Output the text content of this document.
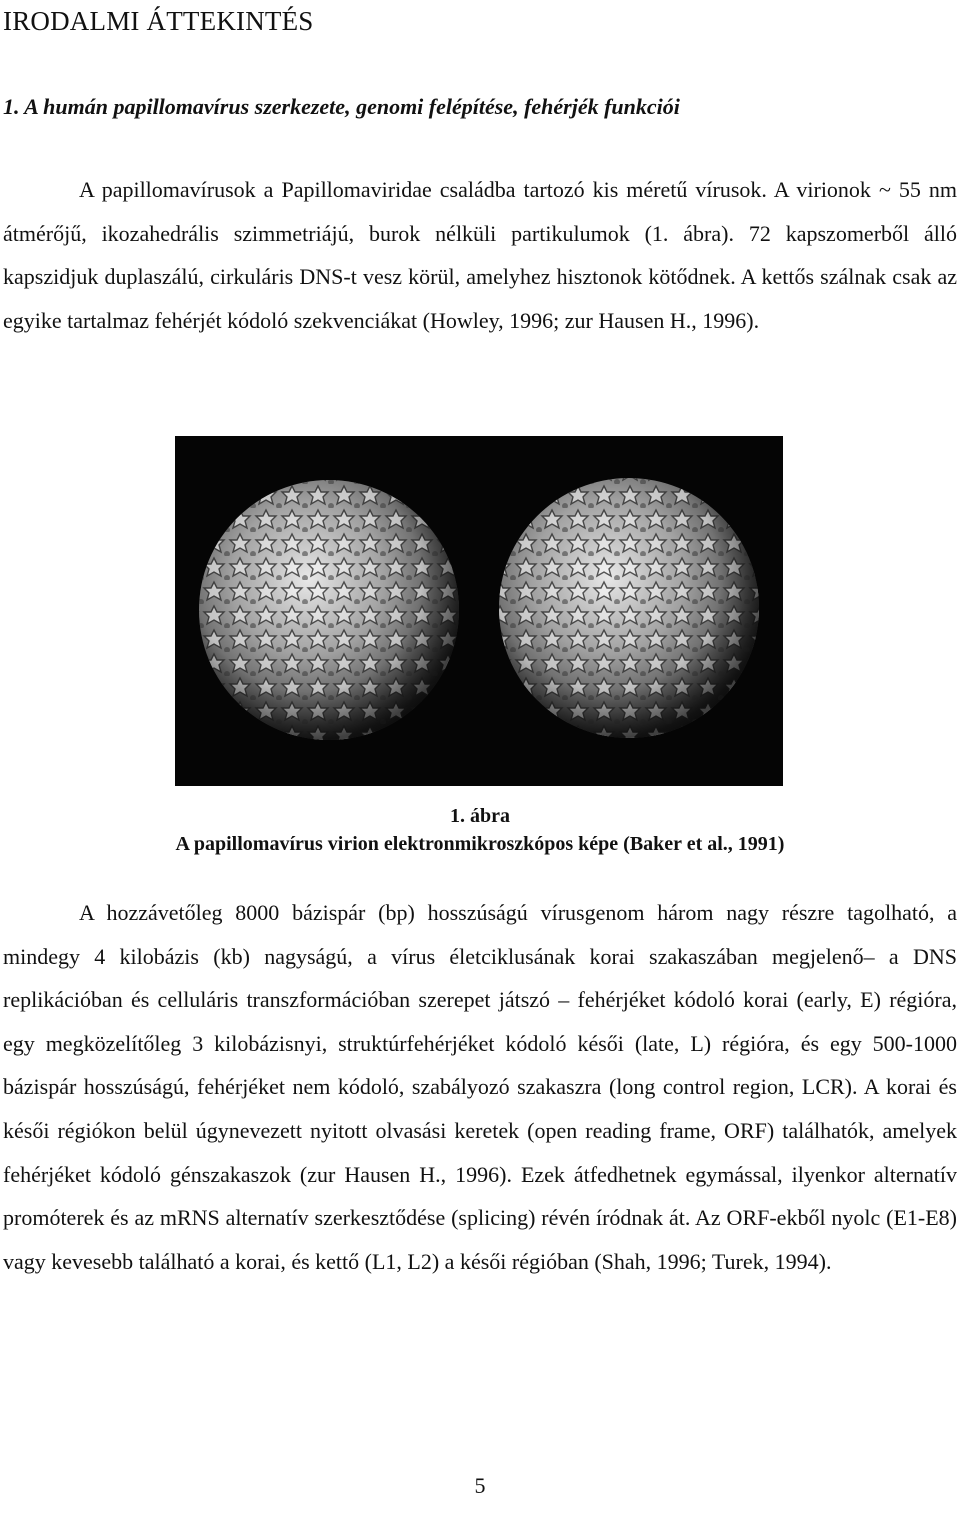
IRODALMI ÁTTEKINTÉS
1. A humán papillomavírus szerkezete, genomi felépítése, fehérjék funkciói

A papillomavírusok a Papillomaviridae családba tartozó kis méretű vírusok. A virionok ~ 55 nm átmérőjű, ikozahedrális szimmetriájú, burok nélküli partikulumok (1. ábra). 72 kapszomerből álló kapszidjuk duplaszálú, cirkuláris DNS-t vesz körül, amelyhez hisztonok kötődnek. A kettős szálnak csak az egyike tartalmaz fehérjét kódoló szekvenciákat (Howley, 1996; zur Hausen H., 1996).

1. ábra

A papillomavírus virion elektronmikroszkópos képe (Baker et al., 1991)

A hozzávetőleg 8000 bázispár (bp) hosszúságú vírusgenom három nagy részre tagolható, a mindegy 4 kilobázis (kb) nagyságú, a vírus életciklusának korai szakaszában megjelenő– a DNS replikációban és celluláris transzformációban szerepet játszó – fehérjéket kódoló korai (early, E) régióra, egy megközelítőleg 3 kilobázisnyi, struktúrfehérjéket kódoló késői (late, L) régióra, és egy 500-1000 bázispár hosszúságú, fehérjéket nem kódoló, szabályozó szakaszra (long control region, LCR). A korai és késői régiókon belül úgynevezett nyitott olvasási keretek (open reading frame, ORF) találhatók, amelyek fehérjéket kódoló génszakaszok (zur Hausen H., 1996). Ezek átfedhetnek egymással, ilyenkor alternatív promóterek és az mRNS alternatív szerkesztődése (splicing) révén íródnak át. Az ORF-ekből nyolc (E1-E8) vagy kevesebb található a korai, és kettő (L1, L2) a késői régióban (Shah, 1996; Turek, 1994).

5
